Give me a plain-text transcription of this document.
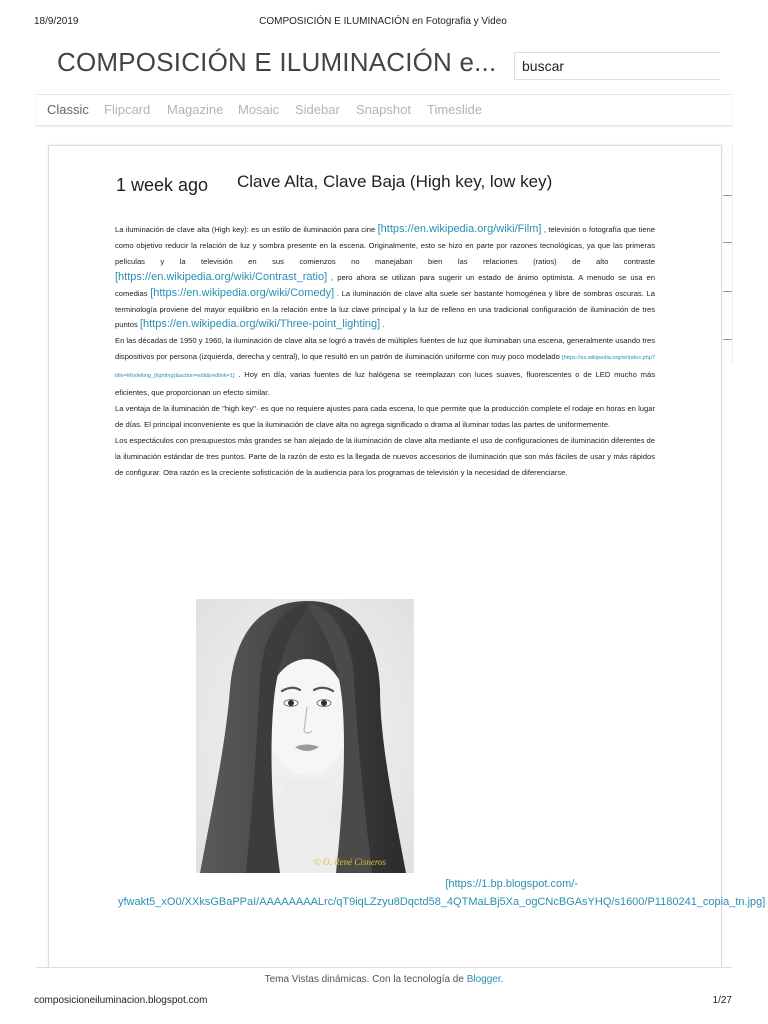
18/9/2019	COMPOSICIÓN E ILUMINACIÓN en Fotografia y Video
COMPOSICIÓN E ILUMINACIÓN e...
buscar
Classic Flipcard Magazine Mosaic Sidebar Snapshot Timeslide
1 week ago Clave Alta, Clave Baja (High key, low key)

La iluminación de clave alta (High key): es un estilo de iluminación para cine [https://en.wikipedia.org/wiki/Film] , televisión o fotografía que tiene como objetivo reducir la relación de luz y sombra presente en la escena. Originalmente, esto se hizo en parte por razones tecnológicas, ya que las primeras películas y la televisión en sus comienzos no manejaban bien las relaciones (ratios) de alto contraste [https://en.wikipedia.org/wiki/Contrast_ratio] , pero ahora se utilizan para sugerir un estado de ánimo optimista. A menudo se usa en comedias [https://en.wikipedia.org/wiki/Comedy] . La iluminación de clave alta suele ser bastante homogénea y libre de sombras oscuras. La terminología proviene del mayor equilibrio en la relación entre la luz clave principal y la luz de relleno en una tradicional configuración de iluminación de tres puntos [https://en.wikipedia.org/wiki/Three-point_lighting] .

En las décadas de 1950 y 1960, la iluminación de clave alta se logró a través de múltiples fuentes de luz que iluminaban una escena, generalmente usando tres dispositivos por persona (izquierda, derecha y central), lo que resultó en un patrón de iluminación uniforme con muy poco modelado [https://es.wikipedia.org/w/index.php?title=Modelling_(lighting)&action=edit&redlink=1] . Hoy en día, varias fuentes de luz halógena se reemplazan con luces suaves, fluorescentes o de LED mucho más eficientes, que proporcionan un efecto similar.

La ventaja de la iluminación de "high key"· es que no requiere ajustes para cada escena, lo que permite que la producción complete el rodaje en horas en lugar de días. El principal inconveniente es que la iluminación de clave alta no agrega significado o drama al iluminar todas las partes de uniformemente.

Los espectáculos con presupuestos más grandes se han alejado de la iluminación de clave alta mediante el uso de configuraciones de iluminación diferentes de la iluminación estándar de tres puntos. Parte de la razón de esto es la llegada de nuevos accesorios de iluminación que son más fáciles de usar y más rápidos de configurar. Otra razón es la creciente sofisticación de la audiencia para los programas de televisión y la necesidad de diferenciarse.

© O. René Cisneros
[https://1.bp.blogspot.com/-
yfwakt5_xO0/XXksGBaPPaI/AAAAAAAALrc/qT9iqLZzyu8Dqctd58_4QTMaLBj5Xa_ogCNcBGAsYHQ/s1600/P1180241_copia_tn.jpg]
Tema Vistas dinámicas. Con la tecnología de Blogger.
composicioneiluminacion.blogspot.com	1/27
